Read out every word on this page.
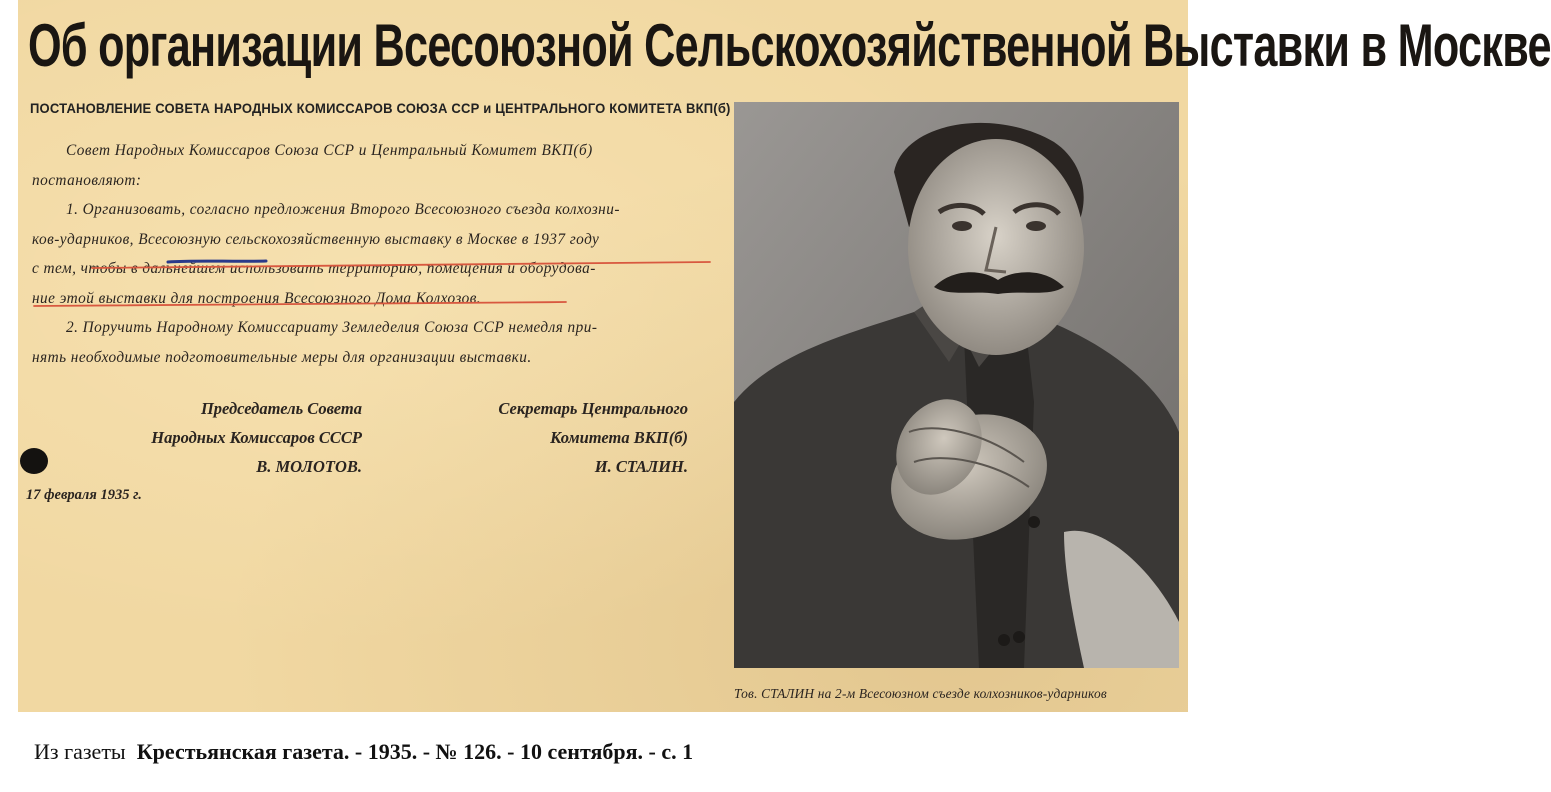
Об организации Всесоюзной Сельскохозяйственной Выставки в Москве
ПОСТАНОВЛЕНИЕ СОВЕТА НАРОДНЫХ КОМИССАРОВ СОЮЗА ССР и ЦЕНТРАЛЬНОГО КОМИТЕТА ВКП(б)
Совет Народных Комиссаров Союза ССР и Центральный Комитет ВКП(б)
постановляют:
1. Организовать, согласно предложения Второго Всесоюзного съезда колхозни-
ков-ударников, Всесоюзную сельскохозяйственную выставку в Москве в 1937 году
с тем, чтобы в дальнейшем использовать территорию, помещения и оборудова-
ние этой выставки для построения Всесоюзного Дома Колхозов.
2. Поручить Народному Комиссариату Земледелия Союза ССР немедля при-
нять необходимые подготовительные меры для организации выставки.
Председатель Совета
Народных Комиссаров СССР
В. МОЛОТОВ.
Секретарь Центрального
Комитета ВКП(б)
И. СТАЛИН.
17 февраля 1935 г.
Тов. СТАЛИН на 2-м Всесоюзном съезде колхозников-ударников
Из газеты Крестьянская газета. - 1935. - № 126. - 10 сентября. - с. 1
